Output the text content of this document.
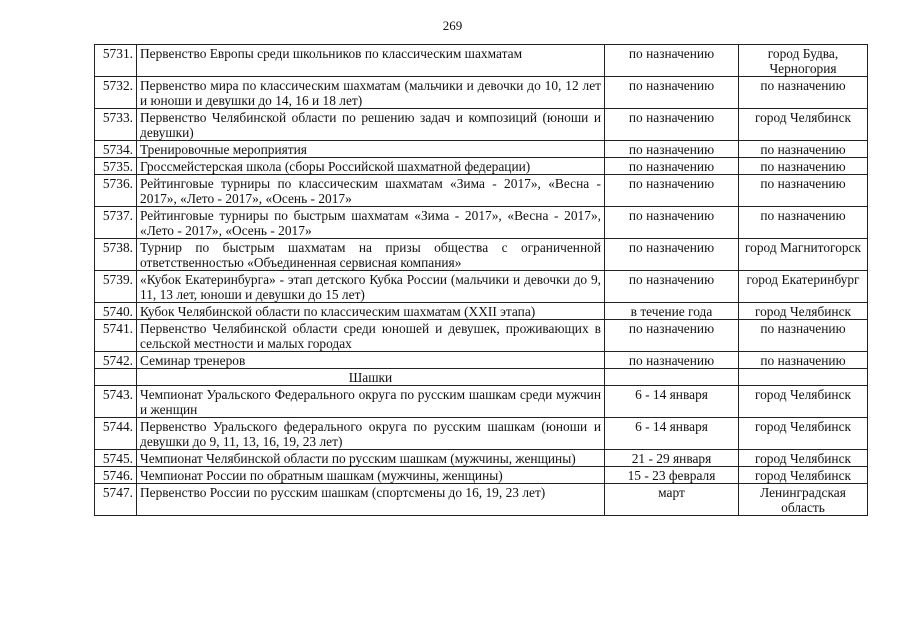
269
5731.	Первенство Европы среди школьников по классическим шахматам	по назначению	город Будва, Черногория
5732.	Первенство мира по классическим шахматам (мальчики и девочки до 10, 12 лет и юноши и девушки до 14, 16 и 18 лет)	по назначению	по назначению
5733.	Первенство Челябинской области по решению задач и композиций (юноши и девушки)	по назначению	город Челябинск
5734.	Тренировочные мероприятия	по назначению	по назначению
5735.	Гроссмейстерская школа (сборы Российской шахматной федерации)	по назначению	по назначению
5736.	Рейтинговые турниры по классическим шахматам «Зима - 2017», «Весна - 2017», «Лето - 2017», «Осень - 2017»	по назначению	по назначению
5737.	Рейтинговые турниры по быстрым шахматам «Зима - 2017», «Весна - 2017», «Лето - 2017», «Осень - 2017»	по назначению	по назначению
5738.	Турнир по быстрым шахматам на призы общества с ограниченной ответственностью «Объединенная сервисная компания»	по назначению	город Магнитогорск
5739.	«Кубок Екатеринбурга» - этап детского Кубка России (мальчики и девочки до 9, 11, 13 лет, юноши и девушки до 15 лет)	по назначению	город Екатеринбург
5740.	Кубок Челябинской области по классическим шахматам (XXII этапа)	в течение года	город Челябинск
5741.	Первенство Челябинской области среди юношей и девушек, проживающих в сельской местности и малых городах	по назначению	по назначению
5742.	Семинар тренеров	по назначению	по назначению
	Шашки		
5743.	Чемпионат Уральского Федерального округа по русским шашкам среди мужчин и женщин	6 - 14 января	город Челябинск
5744.	Первенство Уральского федерального округа по русским шашкам (юноши и девушки до 9, 11, 13, 16, 19, 23 лет)	6 - 14 января	город Челябинск
5745.	Чемпионат Челябинской области по русским шашкам (мужчины, женщины)	21 - 29 января	город Челябинск
5746.	Чемпионат России по обратным шашкам (мужчины, женщины)	15 - 23 февраля	город Челябинск
5747.	Первенство России по русским шашкам (спортсмены до 16, 19, 23 лет)	март	Ленинградская область
